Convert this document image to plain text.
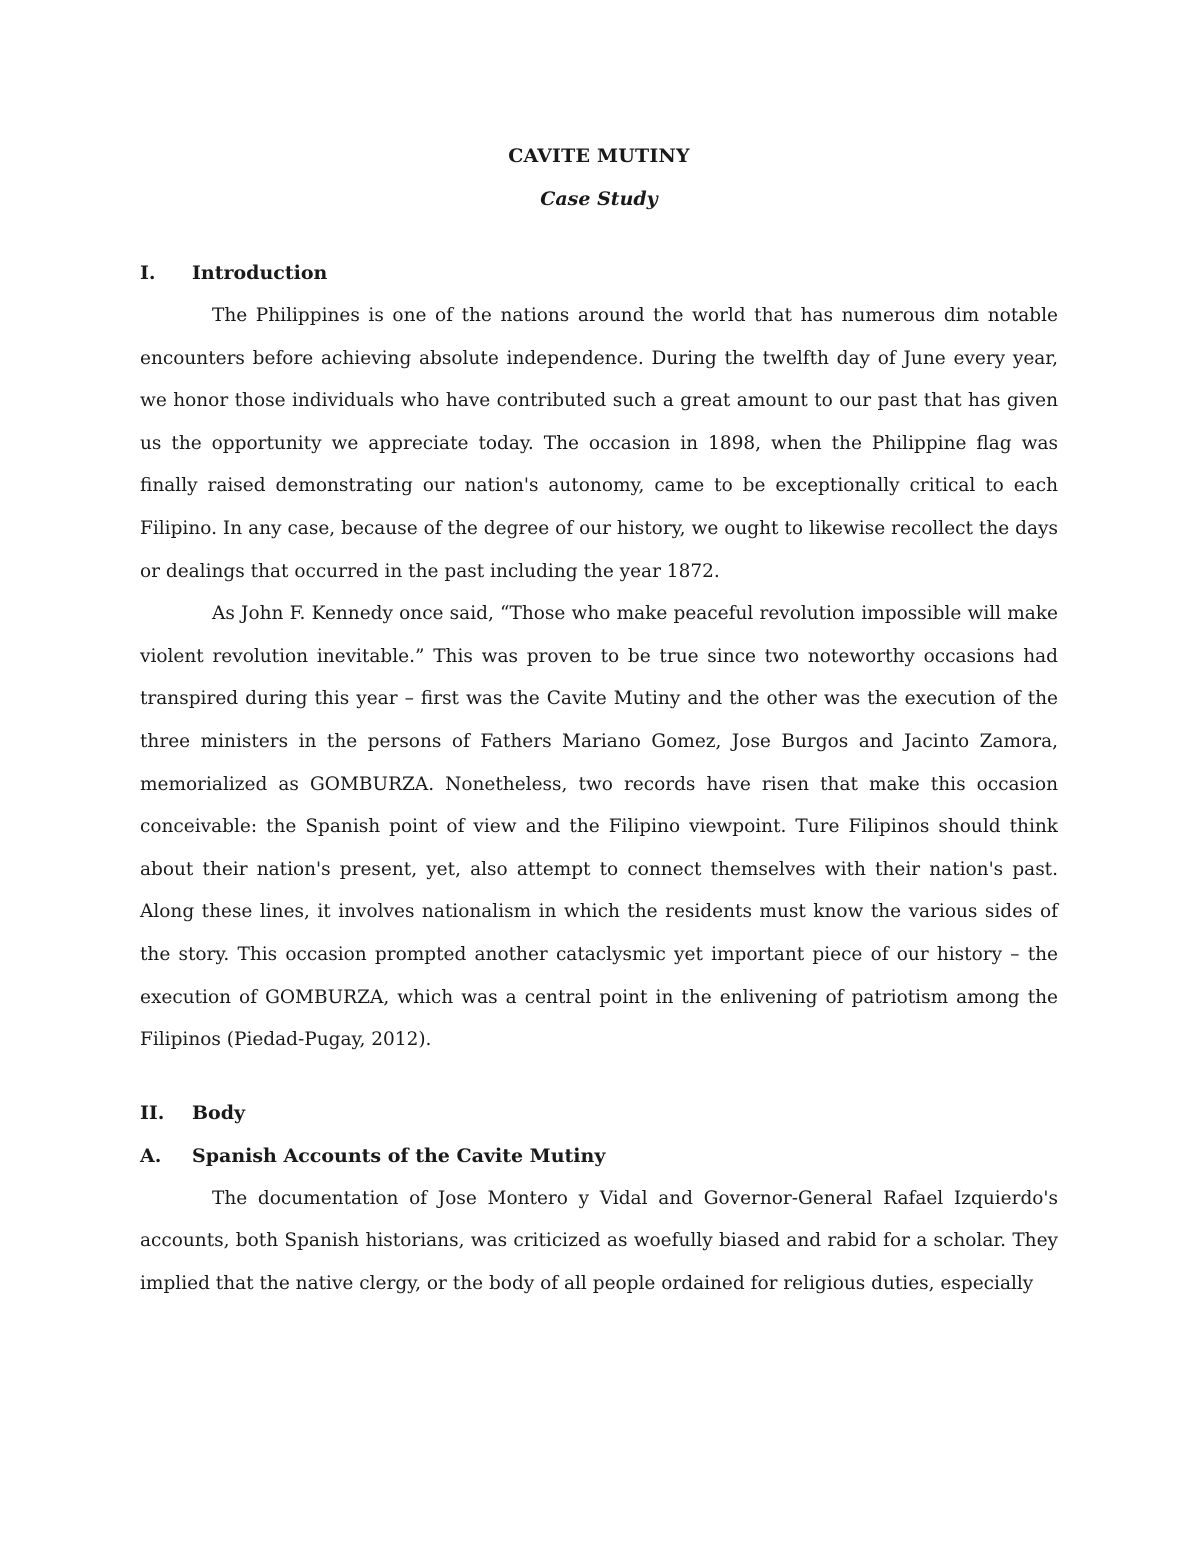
CAVITE MUTINY
Case Study
I.	Introduction

The Philippines is one of the nations around the world that has numerous dim notable encounters before achieving absolute independence. During the twelfth day of June every year, we honor those individuals who have contributed such a great amount to our past that has given us the opportunity we appreciate today. The occasion in 1898, when the Philippine flag was finally raised demonstrating our nation's autonomy, came to be exceptionally critical to each Filipino. In any case, because of the degree of our history, we ought to likewise recollect the days or dealings that occurred in the past including the year 1872.

As John F. Kennedy once said, “Those who make peaceful revolution impossible will make violent revolution inevitable.” This was proven to be true since two noteworthy occasions had transpired during this year – first was the Cavite Mutiny and the other was the execution of the three ministers in the persons of Fathers Mariano Gomez, Jose Burgos and Jacinto Zamora, memorialized as GOMBURZA. Nonetheless, two records have risen that make this occasion conceivable: the Spanish point of view and the Filipino viewpoint. Ture Filipinos should think about their nation's present, yet, also attempt to connect themselves with their nation's past. Along these lines, it involves nationalism in which the residents must know the various sides of the story. This occasion prompted another cataclysmic yet important piece of our history – the execution of GOMBURZA, which was a central point in the enlivening of patriotism among the Filipinos (Piedad-Pugay, 2012).

II.	Body
A.	Spanish Accounts of the Cavite Mutiny

The documentation of Jose Montero y Vidal and Governor-General Rafael Izquierdo's accounts, both Spanish historians, was criticized as woefully biased and rabid for a scholar. They implied that the native clergy, or the body of all people ordained for religious duties, especially
